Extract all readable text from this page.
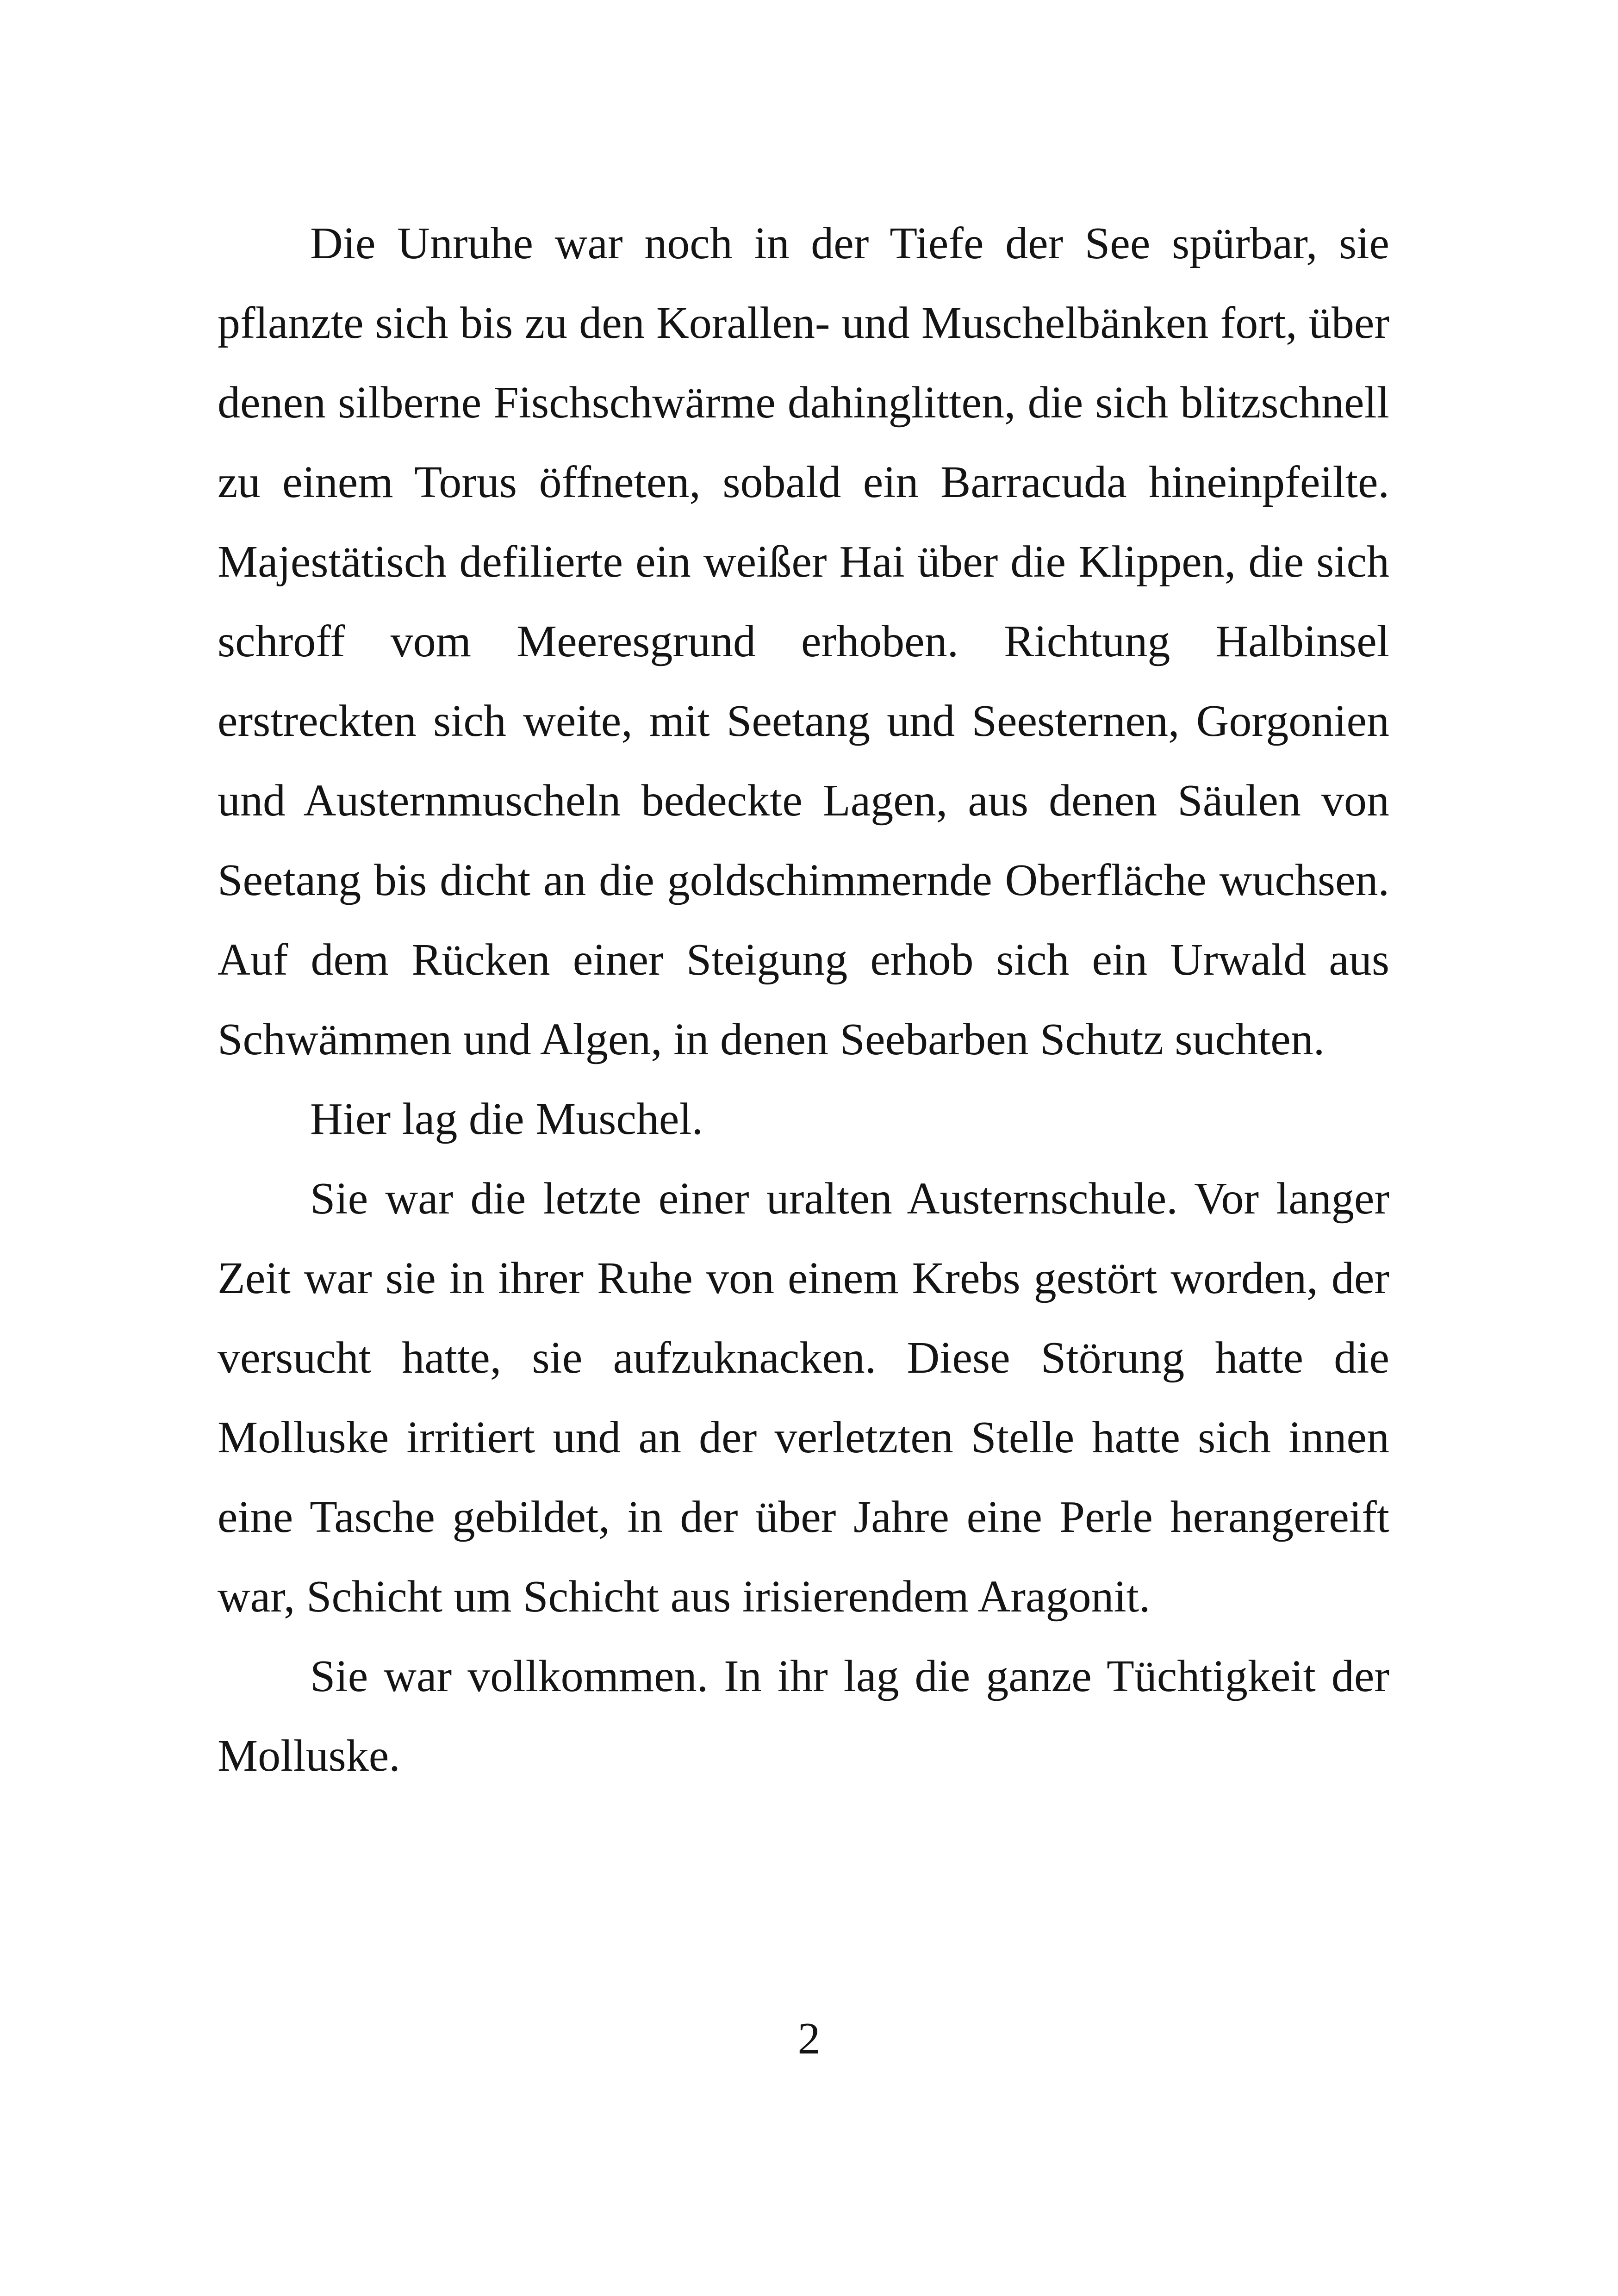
Die Unruhe war noch in der Tiefe der See spürbar, sie pflanzte sich bis zu den Korallen- und Muschelbänken fort, über denen silberne Fischschwärme dahinglitten, die sich blitzschnell zu einem Torus öffneten, sobald ein Barracuda hineinpfeilte. Majestätisch defilierte ein weißer Hai über die Klippen, die sich schroff vom Meeresgrund erhoben. Richtung Halbinsel erstreckten sich weite, mit Seetang und Seesternen, Gorgonien und Austernmuscheln bedeckte Lagen, aus denen Säulen von Seetang bis dicht an die goldschimmernde Oberfläche wuchsen. Auf dem Rücken einer Steigung erhob sich ein Urwald aus Schwämmen und Algen, in denen Seebarben Schutz suchten.

Hier lag die Muschel.

Sie war die letzte einer uralten Austernschule. Vor langer Zeit war sie in ihrer Ruhe von einem Krebs gestört worden, der versucht hatte, sie aufzuknacken. Diese Störung hatte die Molluske irritiert und an der verletzten Stelle hatte sich innen eine Tasche gebildet, in der über Jahre eine Perle herangereift war, Schicht um Schicht aus irisierendem Aragonit.

Sie war vollkommen. In ihr lag die ganze Tüchtigkeit der Molluske.

2
